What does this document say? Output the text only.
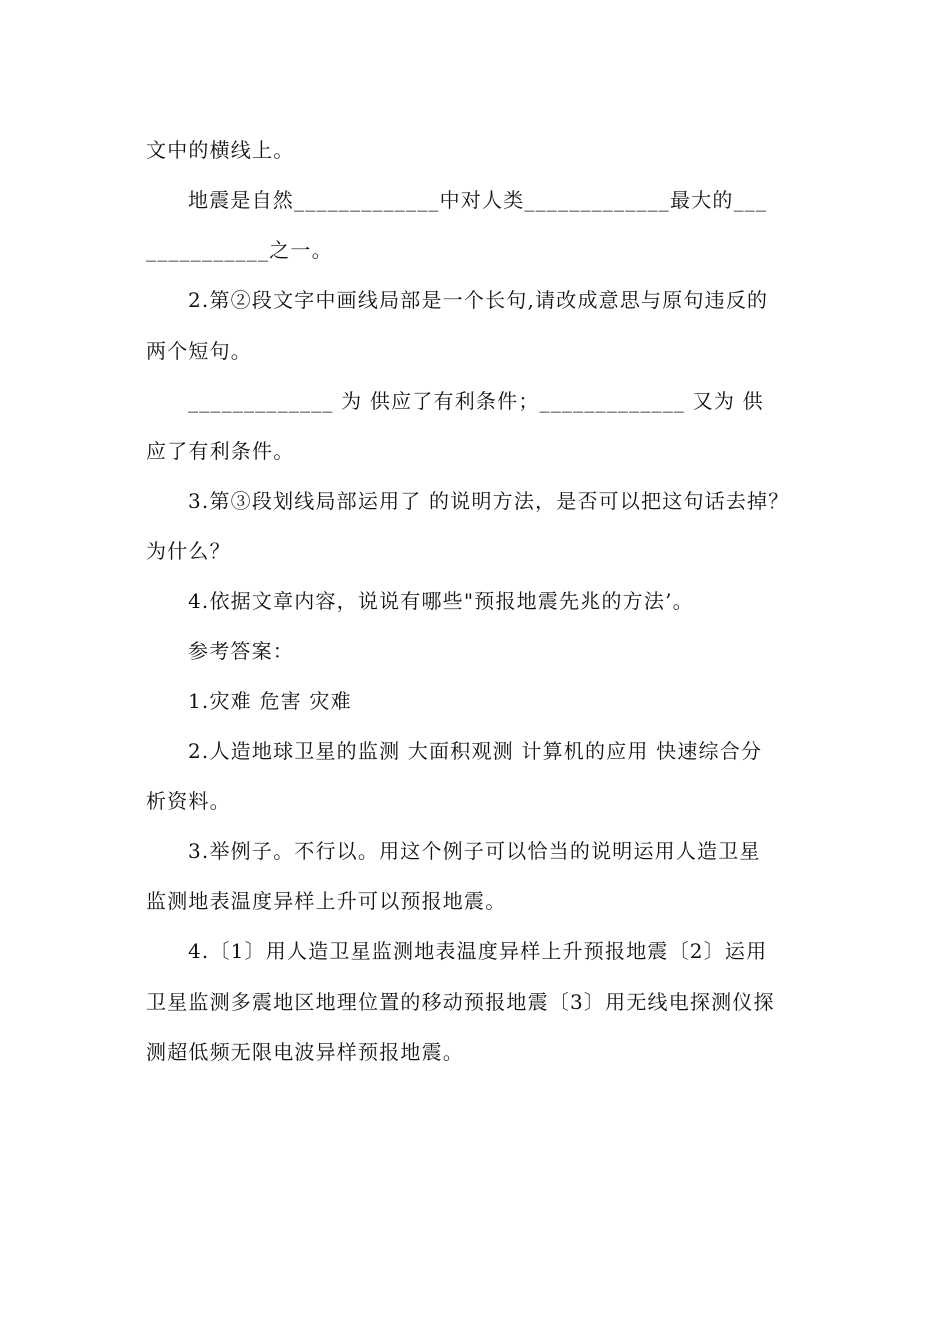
文中的横线上。
地震是自然_____________中对人类_____________最大的___
___________之一。
2.第②段文字中画线局部是一个长句,请改成意思与原句违反的
两个短句。
_____________ 为 供应了有利条件；_____________ 又为 供
应了有利条件。
3.第③段划线局部运用了 的说明方法，是否可以把这句话去掉？
为什么？
4.依据文章内容，说说有哪些"预报地震先兆的方法’。
参考答案：
1.灾难 危害 灾难
2.人造地球卫星的监测 大面积观测 计算机的应用 快速综合分
析资料。
3.举例子。不行以。用这个例子可以恰当的说明运用人造卫星
监测地表温度异样上升可以预报地震。
4.〔1〕用人造卫星监测地表温度异样上升预报地震〔2〕运用
卫星监测多震地区地理位置的移动预报地震〔3〕用无线电探测仪探
测超低频无限电波异样预报地震。
